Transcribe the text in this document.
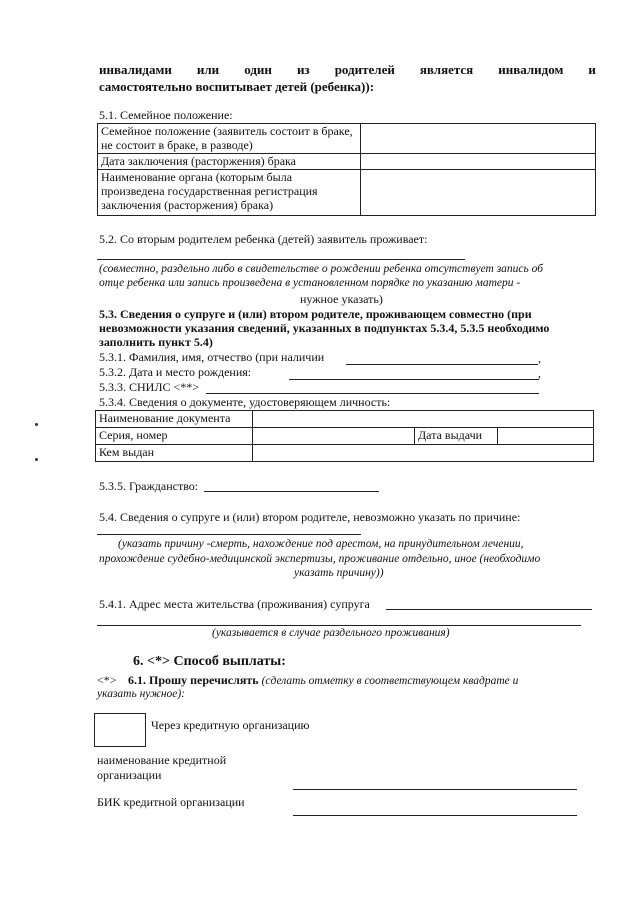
инвалидами или один из родителей является инвалидом и
самостоятельно воспитывает детей (ребенка)):
5.1. Семейное положение:
Семейное положение (заявитель состоит в браке, не состоит в браке, в разводе)	
Дата заключения (расторжения) брака	
Наименование органа (которым была произведена государственная регистрация заключения (расторжения) брака)	
5.2. Со вторым родителем ребенка (детей) заявитель проживает:
(совместно, раздельно либо в свидетельстве о рождении ребенка отсутствует запись об
отце ребенка или запись произведена в установленном порядке по указанию матери -
нужное указать)
5.3. Сведения о супруге и (или) втором родителе, проживающем совместно (при
невозможности указания сведений, указанных в подпунктах 5.3.4, 5.3.5 необходимо
заполнить пункт 5.4)
5.3.1. Фамилия, имя, отчество (при наличии	,
5.3.2. Дата и место рождения:	,
5.3.3. СНИЛС <**>
5.3.4. Сведения о документе, удостоверяющем личность:
Наименование документа			
Серия, номер		Дата выдачи	
Кем выдан			
5.3.5. Гражданство:
5.4. Сведения о супруге и (или) втором родителе, невозможно указать по причине:
(указать причину -смерть, нахождение под арестом, на принудительном лечении,
прохождение судебно-медицинской экспертизы, проживание отдельно, иное (необходимо
указать причину))
5.4.1. Адрес места жительства (проживания) супруга
(указывается в случае раздельного проживания)
6. <*> Способ выплаты:
<*> 6.1. Прошу перечислять (сделать отметку в соответствующем квадрате и
указать нужное):
Через кредитную организацию
наименование кредитной
организации
БИК кредитной организации
